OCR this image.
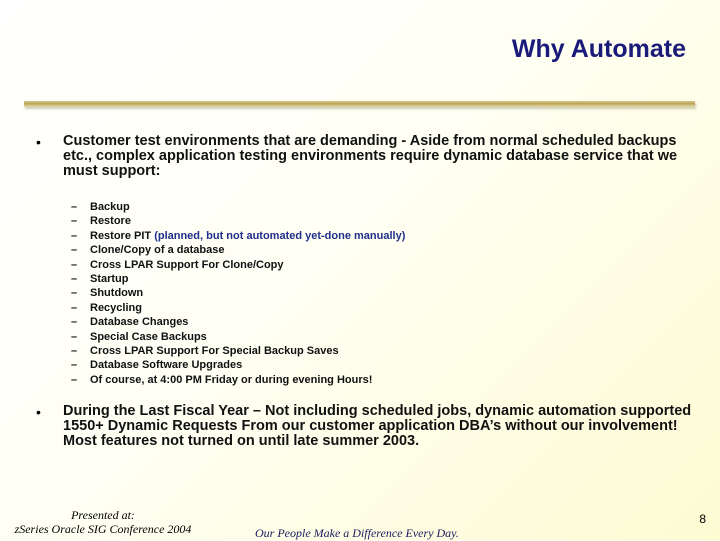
Why Automate
• Customer test environments that are demanding - Aside from normal scheduled backups etc., complex application testing environments require dynamic database service that we must support:
– Backup
– Restore
– Restore PIT (planned, but not automated yet-done manually)
– Clone/Copy of a database
– Cross LPAR Support For Clone/Copy
– Startup
– Shutdown
– Recycling
– Database Changes
– Special Case Backups
– Cross LPAR Support For Special Backup Saves
– Database Software Upgrades
– Of course, at 4:00 PM Friday or during evening Hours!
• During the Last Fiscal Year – Not including scheduled jobs, dynamic automation supported 1550+ Dynamic Requests From our customer application DBA’s without our involvement! Most features not turned on until late summer 2003.
Presented at:
zSeries Oracle SIG Conference 2004	Our People Make a Difference Every Day.
8
